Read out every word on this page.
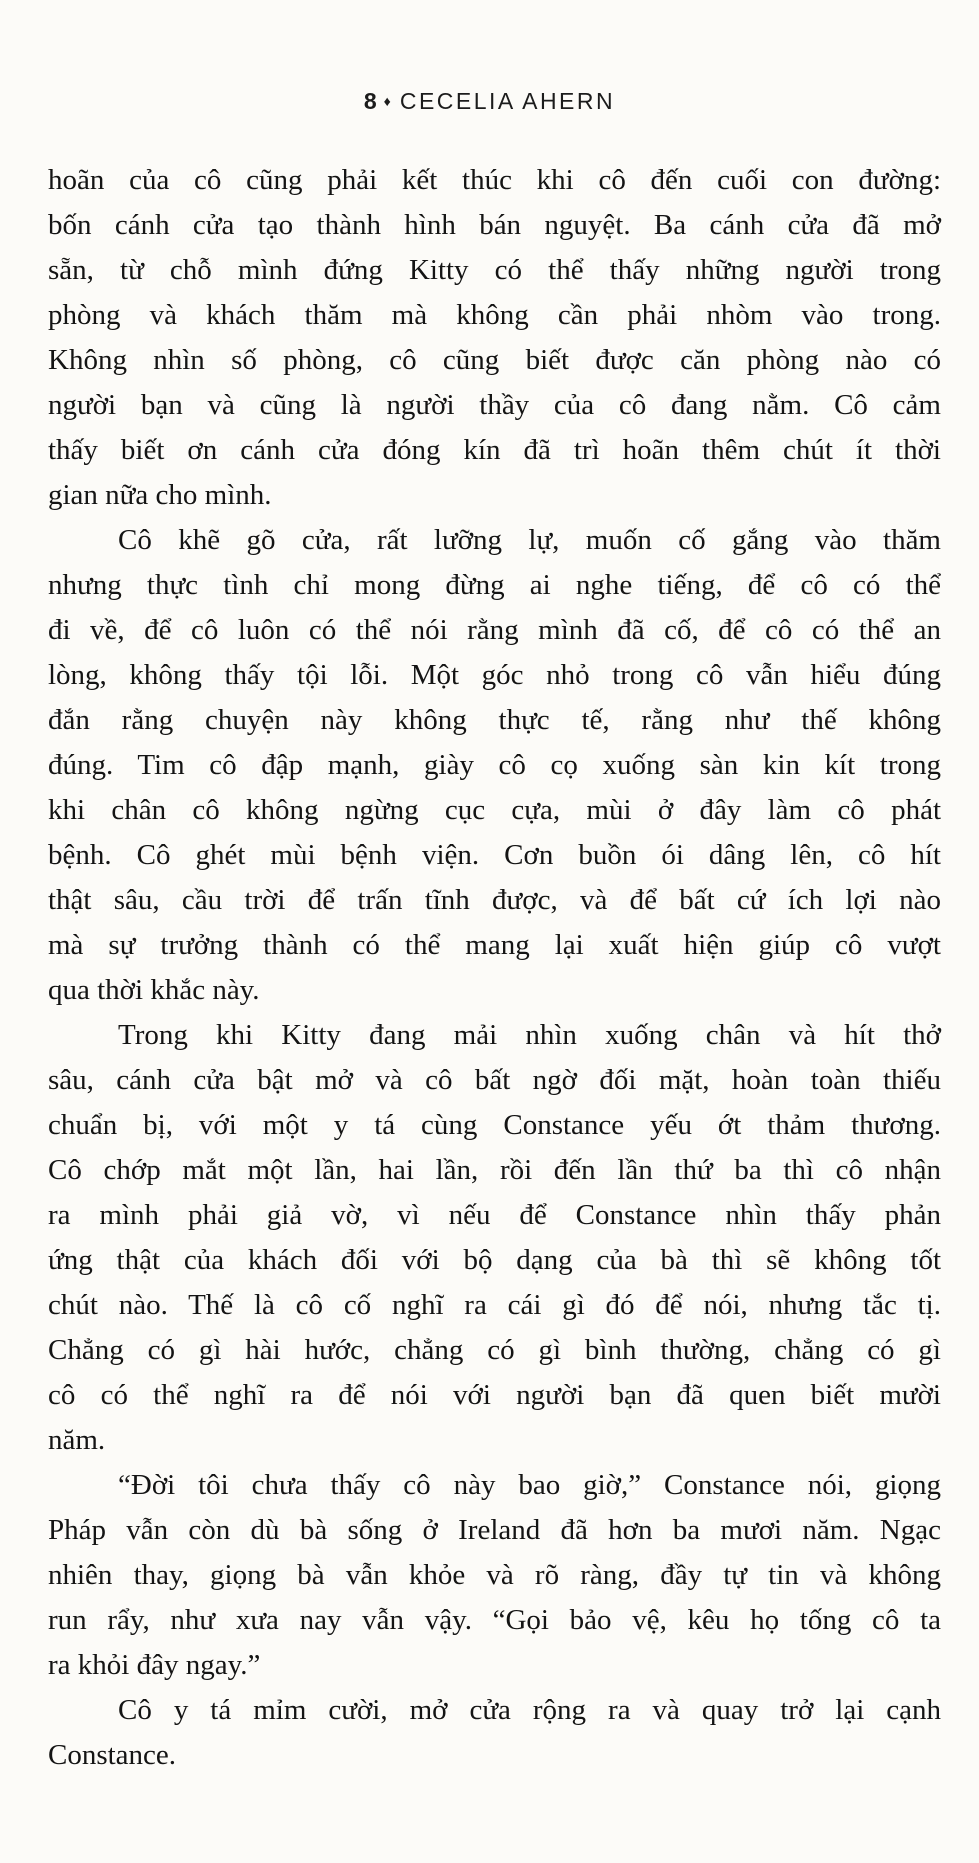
8 ♦ CECELIA AHERN
hoãn của cô cũng phải kết thúc khi cô đến cuối con đường:
bốn cánh cửa tạo thành hình bán nguyệt. Ba cánh cửa đã mở
sẵn, từ chỗ mình đứng Kitty có thể thấy những người trong
phòng và khách thăm mà không cần phải nhòm vào trong.
Không nhìn số phòng, cô cũng biết được căn phòng nào có
người bạn và cũng là người thầy của cô đang nằm. Cô cảm
thấy biết ơn cánh cửa đóng kín đã trì hoãn thêm chút ít thời
gian nữa cho mình.
Cô khẽ gõ cửa, rất lưỡng lự, muốn cố gắng vào thăm
nhưng thực tình chỉ mong đừng ai nghe tiếng, để cô có thể
đi về, để cô luôn có thể nói rằng mình đã cố, để cô có thể an
lòng, không thấy tội lỗi. Một góc nhỏ trong cô vẫn hiểu đúng
đắn rằng chuyện này không thực tế, rằng như thế không
đúng. Tim cô đập mạnh, giày cô cọ xuống sàn kin kít trong
khi chân cô không ngừng cục cựa, mùi ở đây làm cô phát
bệnh. Cô ghét mùi bệnh viện. Cơn buồn ói dâng lên, cô hít
thật sâu, cầu trời để trấn tĩnh được, và để bất cứ ích lợi nào
mà sự trưởng thành có thể mang lại xuất hiện giúp cô vượt
qua thời khắc này.
Trong khi Kitty đang mải nhìn xuống chân và hít thở
sâu, cánh cửa bật mở và cô bất ngờ đối mặt, hoàn toàn thiếu
chuẩn bị, với một y tá cùng Constance yếu ớt thảm thương.
Cô chớp mắt một lần, hai lần, rồi đến lần thứ ba thì cô nhận
ra mình phải giả vờ, vì nếu để Constance nhìn thấy phản
ứng thật của khách đối với bộ dạng của bà thì sẽ không tốt
chút nào. Thế là cô cố nghĩ ra cái gì đó để nói, nhưng tắc tị.
Chẳng có gì hài hước, chẳng có gì bình thường, chẳng có gì
cô có thể nghĩ ra để nói với người bạn đã quen biết mười
năm.
“Đời tôi chưa thấy cô này bao giờ,” Constance nói, giọng
Pháp vẫn còn dù bà sống ở Ireland đã hơn ba mươi năm. Ngạc
nhiên thay, giọng bà vẫn khỏe và rõ ràng, đầy tự tin và không
run rẩy, như xưa nay vẫn vậy. “Gọi bảo vệ, kêu họ tống cô ta
ra khỏi đây ngay.”
Cô y tá mỉm cười, mở cửa rộng ra và quay trở lại cạnh
Constance.
